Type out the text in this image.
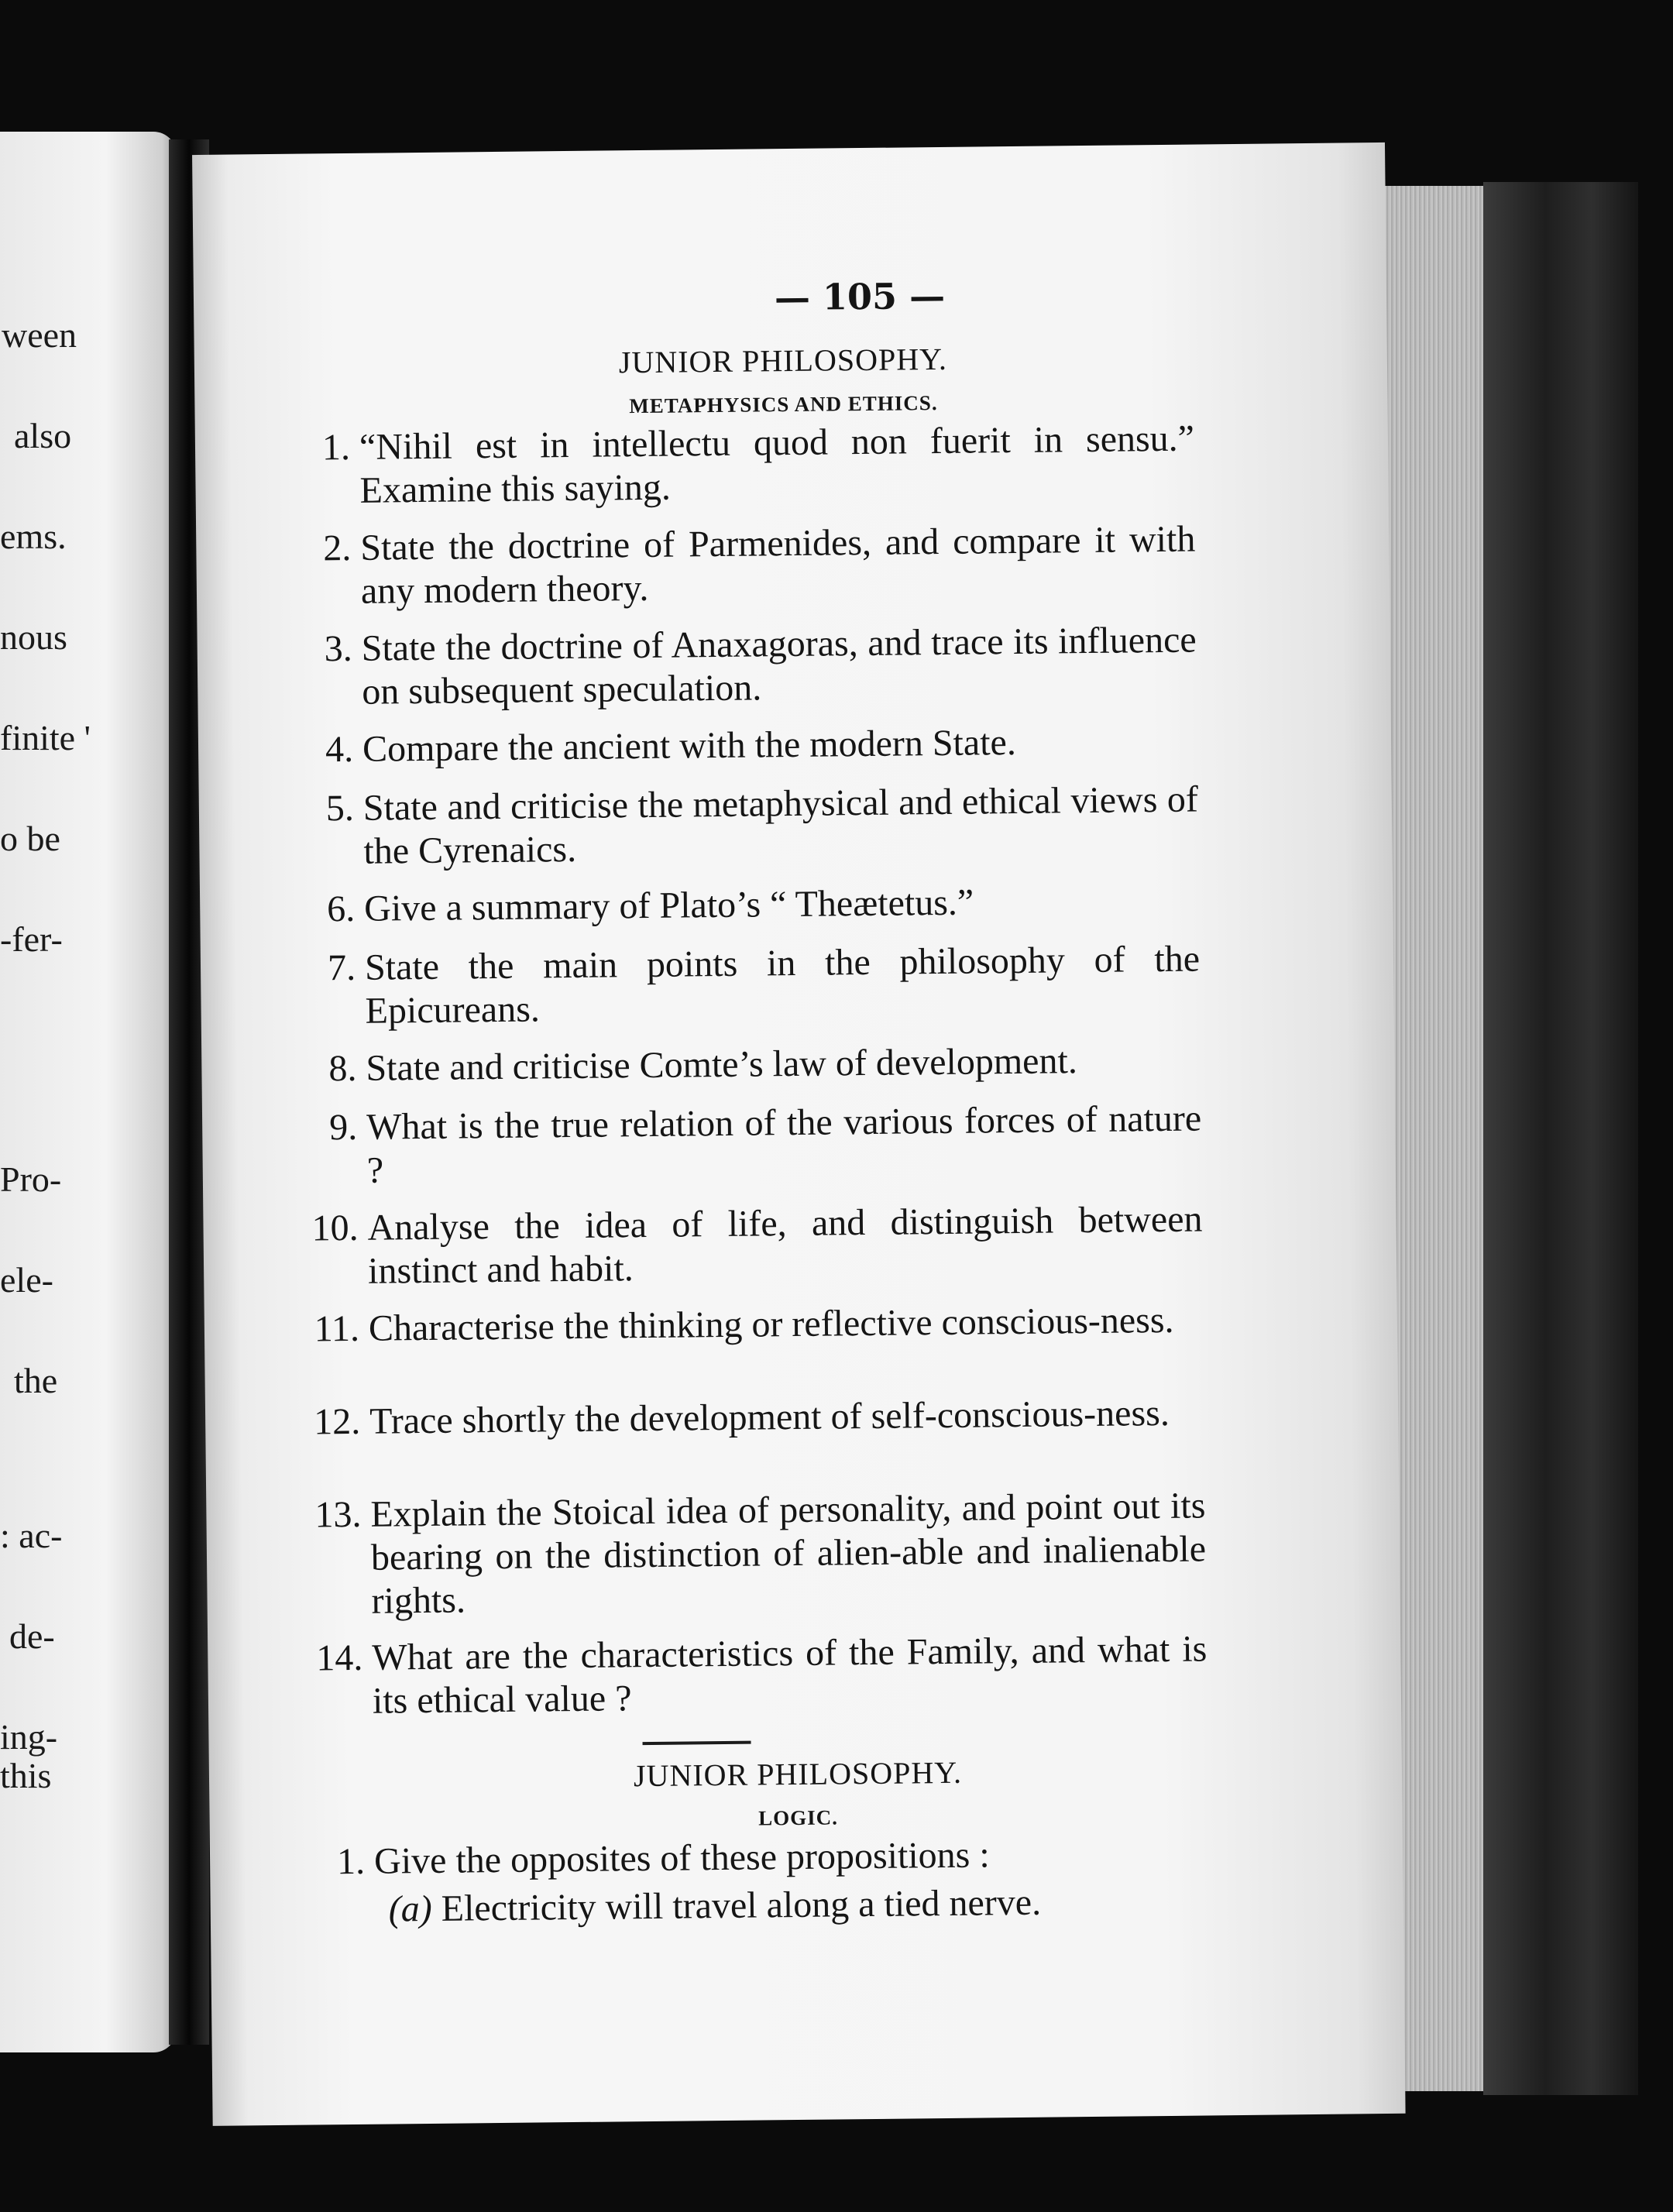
ween
also
ems.
nous
finite '
o be
-fer-
Pro-
ele-
the
: ac-
de-
ing-
this
— 105 —
JUNIOR PHILOSOPHY.
METAPHYSICS AND ETHICS.
1. “Nihil est in intellectu quod non fuerit in sensu.” Examine this saying.
2. State the doctrine of Parmenides, and compare it with any modern theory.
3. State the doctrine of Anaxagoras, and trace its influence on subsequent speculation.
4. Compare the ancient with the modern State.
5. State and criticise the metaphysical and ethical views of the Cyrenaics.
6. Give a summary of Plato’s “ Theætetus.”
7. State the main points in the philosophy of the Epicureans.
8. State and criticise Comte’s law of development.
9. What is the true relation of the various forces of nature ?
10. Analyse the idea of life, and distinguish between instinct and habit.
11. Characterise the thinking or reflective conscious-ness.
12. Trace shortly the development of self-conscious-ness.
13. Explain the Stoical idea of personality, and point out its bearing on the distinction of alien-able and inalienable rights.
14. What are the characteristics of the Family, and what is its ethical value ?
JUNIOR PHILOSOPHY.
LOGIC.
1. Give the opposites of these propositions :
(a) Electricity will travel along a tied nerve.
